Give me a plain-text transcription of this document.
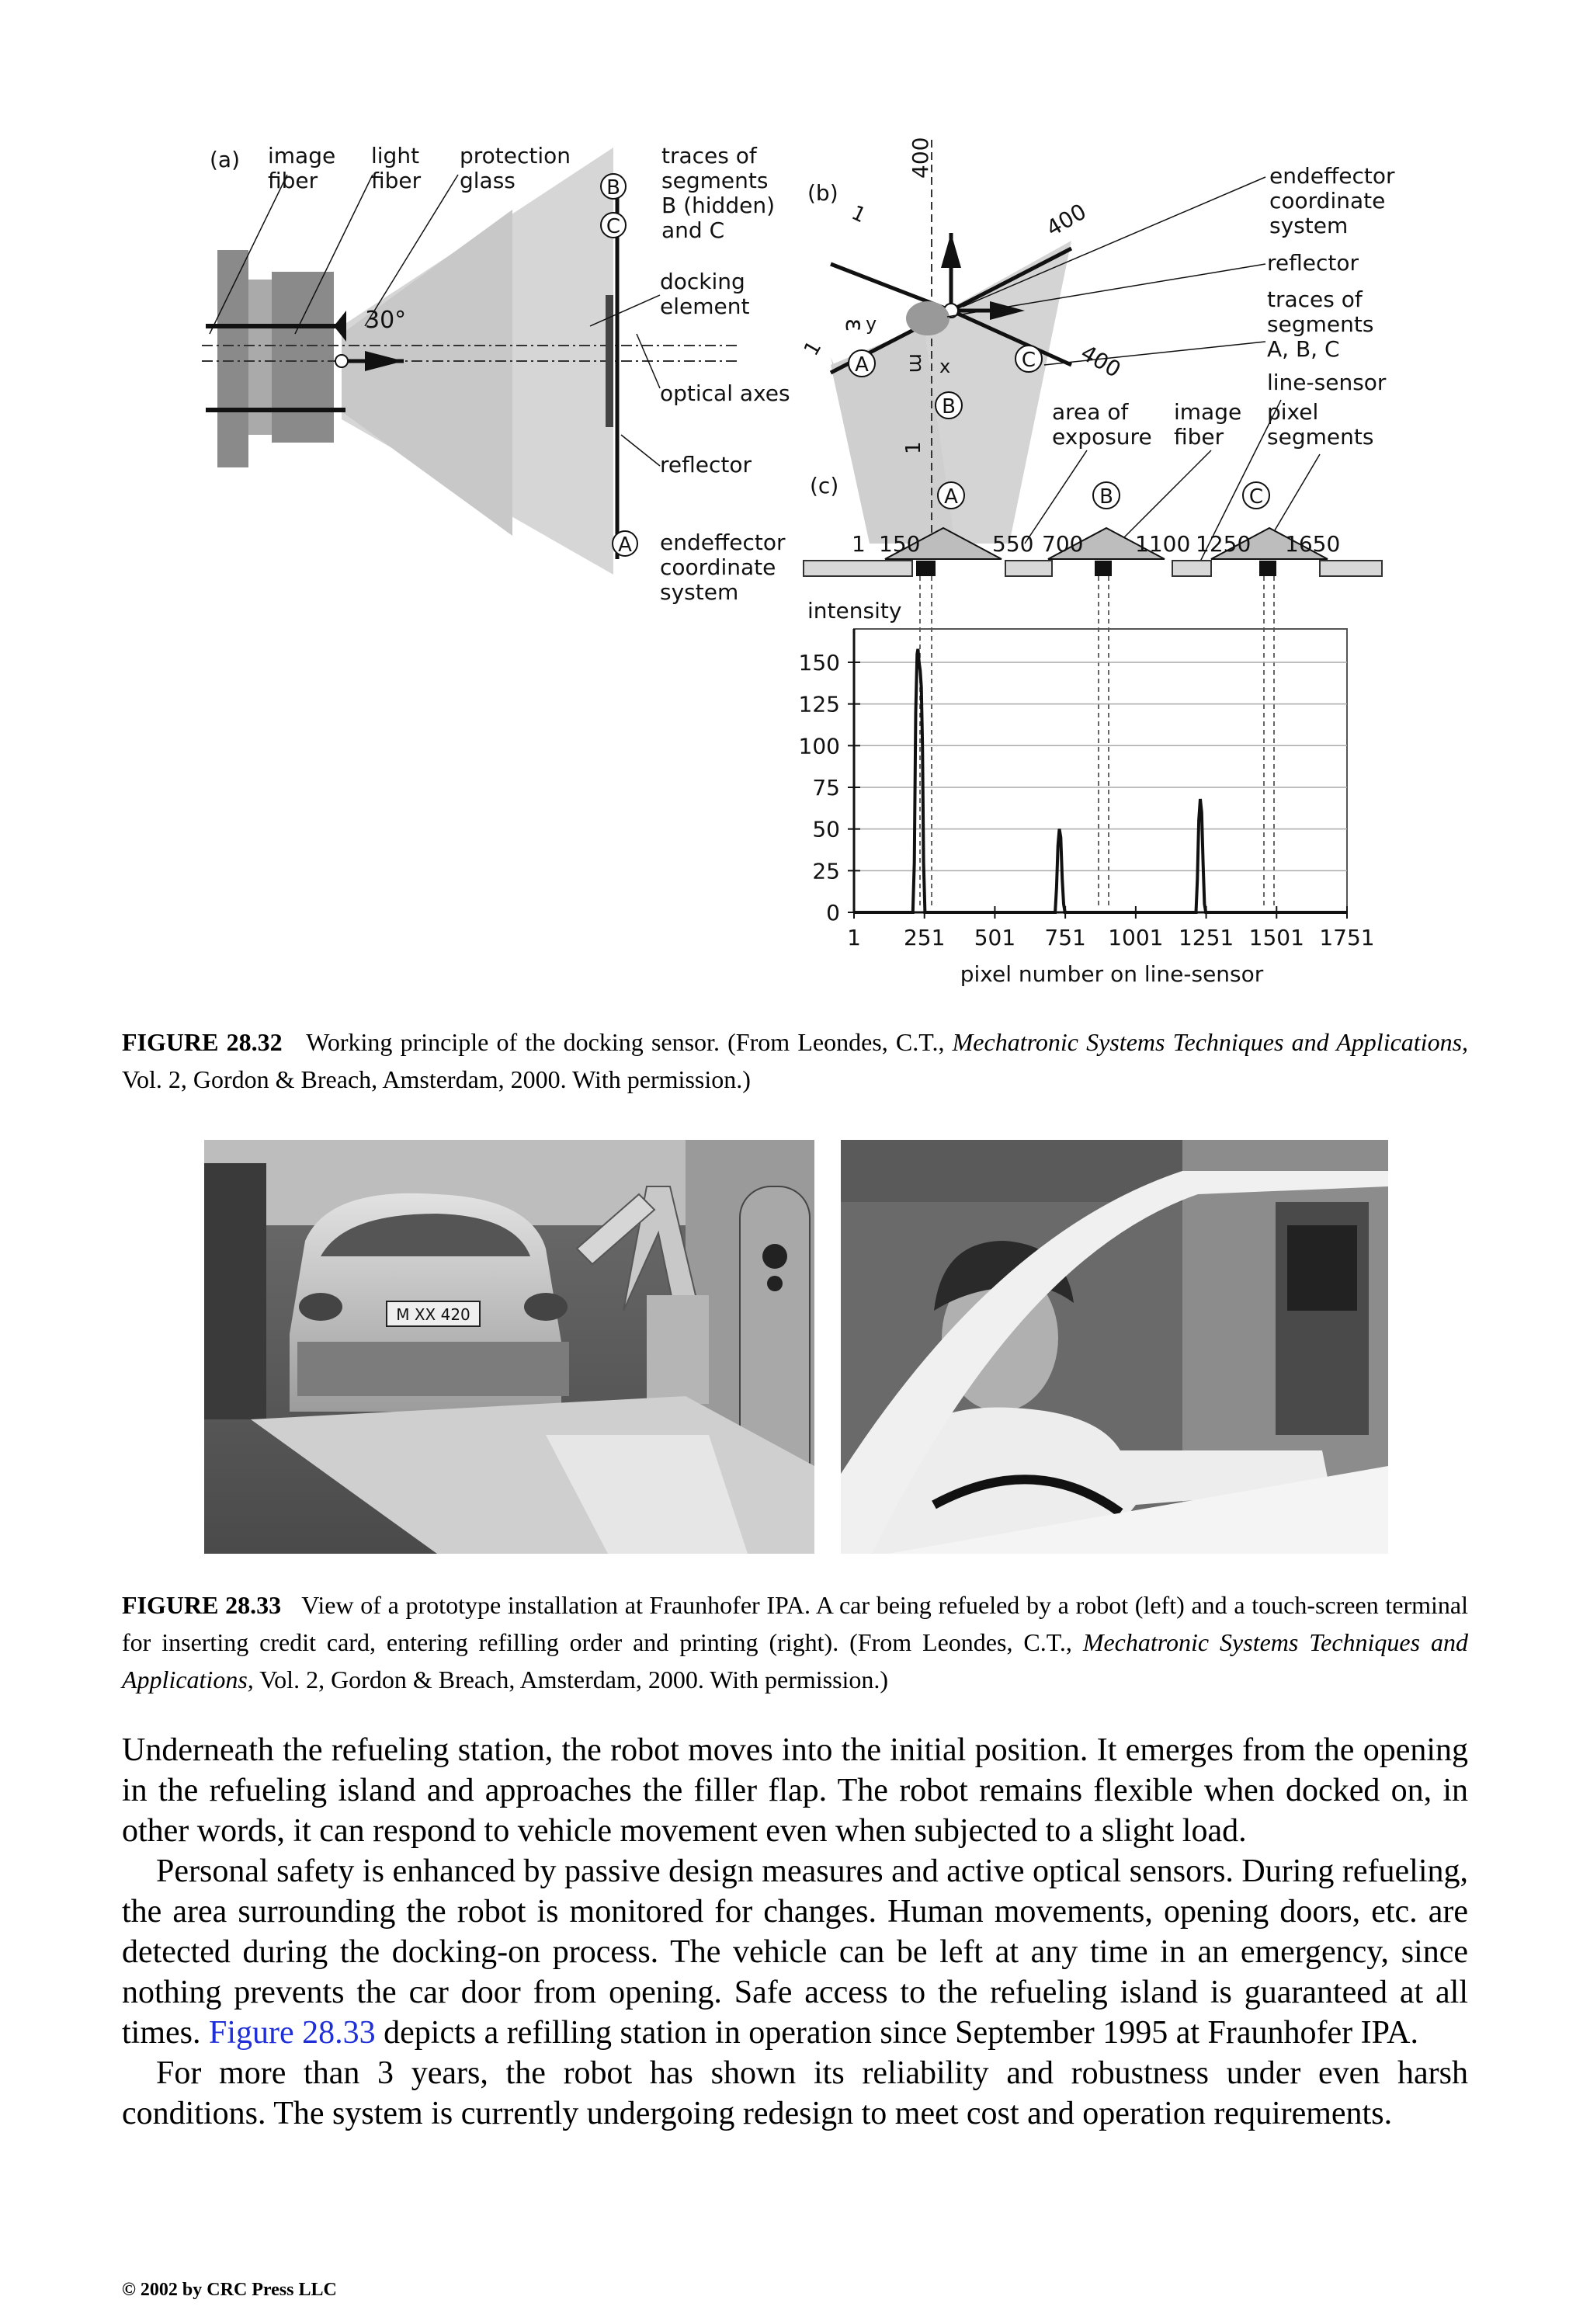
B
C
A
(a) image
fiber
light
fiber
protection
glass
30°
traces of
segments
B (hidden)
and C
docking
element
optical axes
reflector
endeffector
coordinate
system
A	C
B
(b)
400
400
400
1
1
1
ε
y
x
m
area of
exposure
image
fiber
endeffector
coordinate
system
reflector
traces of
segments
A, B, C
line-sensor
pixel
segments
(c)	A	B	C
1 150	550 700 1100 1250 1650
intensity
pixel number on line-sensor
0
25
50
75
100
125
150
1 251 501 751 1001 1251 1501 1751
FIGURE 28.32 Working principle of the docking sensor. (From Leondes, C.T., Mechatronic Systems Techniques and Applications, Vol. 2, Gordon & Breach, Amsterdam, 2000. With permission.)
M XX 420
FIGURE 28.33 View of a prototype installation at Fraunhofer IPA. A car being refueled by a robot (left) and a touch-screen terminal for inserting credit card, entering refilling order and printing (right). (From Leondes, C.T., Mechatronic Systems Techniques and Applications, Vol. 2, Gordon & Breach, Amsterdam, 2000. With permission.)

Underneath the refueling station, the robot moves into the initial position. It emerges from the opening in the refueling island and approaches the filler flap. The robot remains flexible when docked on, in other words, it can respond to vehicle movement even when subjected to a slight load.

Personal safety is enhanced by passive design measures and active optical sensors. During refueling, the area surrounding the robot is monitored for changes. Human movements, opening doors, etc. are detected during the docking-on process. The vehicle can be left at any time in an emergency, since nothing prevents the car door from opening. Safe access to the refueling island is guaranteed at all times. Figure 28.33 depicts a refilling station in operation since September 1995 at Fraunhofer IPA.

For more than 3 years, the robot has shown its reliability and robustness under even harsh conditions. The system is currently undergoing redesign to meet cost and operation requirements.

© 2002 by CRC Press LLC
